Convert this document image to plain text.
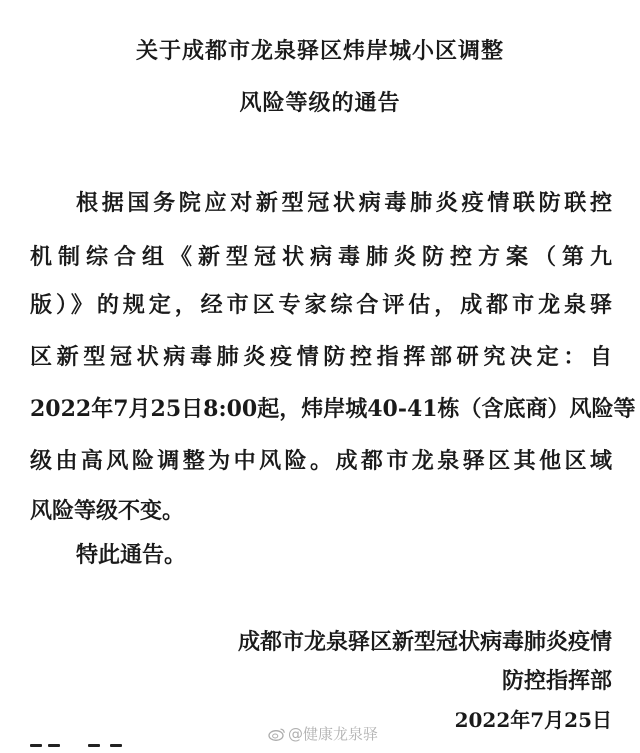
关于成都市龙泉驿区炜岸城小区调整
风险等级的通告
根据国务院应对新型冠状病毒肺炎疫情联防联控
机制综合组《新型冠状病毒肺炎防控方案（第九
版）》的规定，经市区专家综合评估，成都市龙泉驿
区新型冠状病毒肺炎疫情防控指挥部研究决定：自
2022年7月25日8:00起，炜岸城40-41栋（含底商）风险等
级由高风险调整为中风险。成都市龙泉驿区其他区域
风险等级不变。
特此通告。
成都市龙泉驿区新型冠状病毒肺炎疫情
防控指挥部
2022年7月25日
@健康龙泉驿
